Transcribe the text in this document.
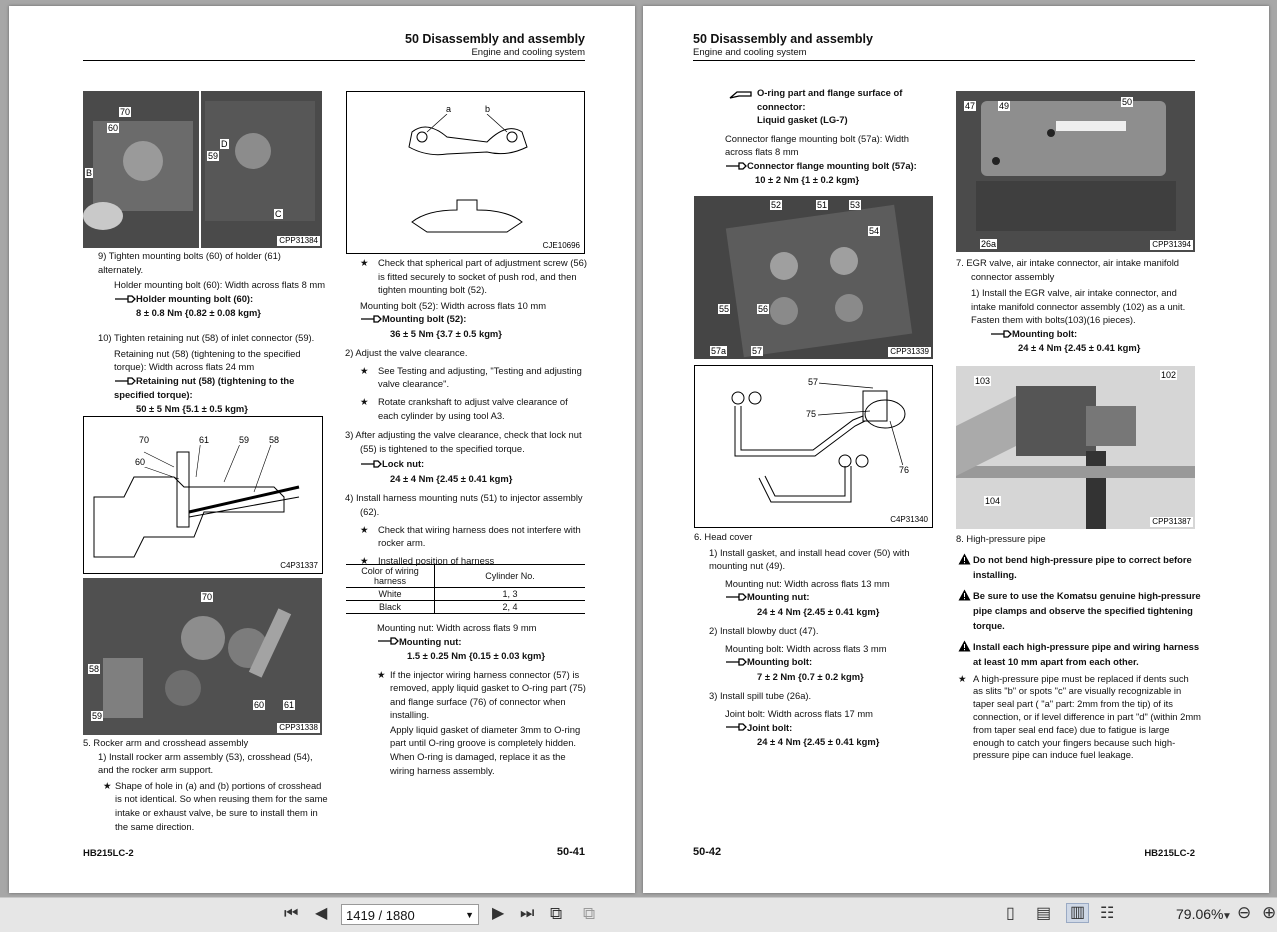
50 Disassembly and assembly
Engine and cooling system
70
60
59
B
D
C
CPP31384
9) Tighten mounting bolts (60) of holder (61) alternately.
Holder mounting bolt (60): Width across flats 8 mm
Holder mounting bolt (60):
8 ± 0.8 Nm {0.82 ± 0.08 kgm}
10) Tighten retaining nut (58) of inlet connector (59).
Retaining nut (58) (tightening to the specified torque): Width across flats 24 mm
Retaining nut (58) (tightening to the specified torque):
50 ± 5 Nm {5.1 ± 0.5 kgm}
70	61	59 58
60
C4P31337
70
58
59
60 61
CPP31338
5. Rocker arm and crosshead assembly
1) Install rocker arm assembly (53), crosshead (54), and the rocker arm support.
★ Shape of hole in (a) and (b) portions of crosshead is not identical. So when reusing them for the same intake or exhaust valve, be sure to install them in the same direction.
a	b
CJE10696
★ Check that spherical part of adjustment screw (56) is fitted securely to socket of push rod, and then tighten mounting bolt (52).
Mounting bolt (52): Width across flats 10 mm
Mounting bolt (52):
36 ± 5 Nm {3.7 ± 0.5 kgm}
2) Adjust the valve clearance.
★ See Testing and adjusting, "Testing and adjusting valve clearance".
★ Rotate crankshaft to adjust valve clearance of each cylinder by using tool A3.
3) After adjusting the valve clearance, check that lock nut (55) is tightened to the specified torque.
Lock nut:
24 ± 4 Nm {2.45 ± 0.41 kgm}
4) Install harness mounting nuts (51) to injector assembly (62).
★ Check that wiring harness does not interfere with rocker arm.
★ Installed position of harness
Color of wiring harness	Cylinder No.
White	1, 3
Black	2, 4
Mounting nut: Width across flats 9 mm
Mounting nut:
1.5 ± 0.25 Nm {0.15 ± 0.03 kgm}
★ If the injector wiring harness connector (57) is removed, apply liquid gasket to O-ring part (75) and flange surface (76) of connector when installing.
Apply liquid gasket of diameter 3mm to O-ring part until O-ring groove is completely hidden. When O-ring is damaged, replace it as the wiring harness assembly.
HB215LC-2	50-41
50 Disassembly and assembly
Engine and cooling system
O-ring part and flange surface of connector:
Liquid gasket (LG-7)
Connector flange mounting bolt (57a): Width across flats 8 mm
Connector flange mounting bolt (57a):
10 ± 2 Nm {1 ± 0.2 kgm}
52	51	53
54
55	56
57a	57	CPP31339
57
75
76
C4P31340
6. Head cover
1) Install gasket, and install head cover (50) with mounting nut (49).
Mounting nut: Width across flats 13 mm
Mounting nut:
24 ± 4 Nm {2.45 ± 0.41 kgm}
2) Install blowby duct (47).
Mounting bolt: Width across flats 3 mm
Mounting bolt:
7 ± 2 Nm {0.7 ± 0.2 kgm}
3) Install spill tube (26a).
Joint bolt: Width across flats 17 mm
Joint bolt:
24 ± 4 Nm {2.45 ± 0.41 kgm}
47	49	50
26a	CPP31394
7. EGR valve, air intake connector, air intake manifold connector assembly
1) Install the EGR valve, air intake connector, and intake manifold connector assembly (102) as a unit. Fasten them with bolts(103)(16 pieces).
Mounting bolt:
24 ± 4 Nm {2.45 ± 0.41 kgm}
103
102
104
CPP31387
8. High-pressure pipe
Do not bend high-pressure pipe to correct before installing.
Be sure to use the Komatsu genuine high-pressure pipe clamps and observe the specified tightening torque.
Install each high-pressure pipe and wiring harness at least 10 mm apart from each other.
★ A high-pressure pipe must be replaced if dents such as slits "b" or spots "c" are visually recognizable in taper seal part ( "a" part: 2mm from the tip) of its connection, or if level difference in part "d" (within 2mm from taper seal end face) due to fatigue is large enough to catch your fingers because such high-pressure pipe can induce fuel leakage.
50-42	HB215LC-2
⏮ ◀	1419 / 1880	▼ ▶ ⏭ ⧉ ⧉	▯ ▤ ▥ ☷	79.06%
▼ ⊖ ⊕
